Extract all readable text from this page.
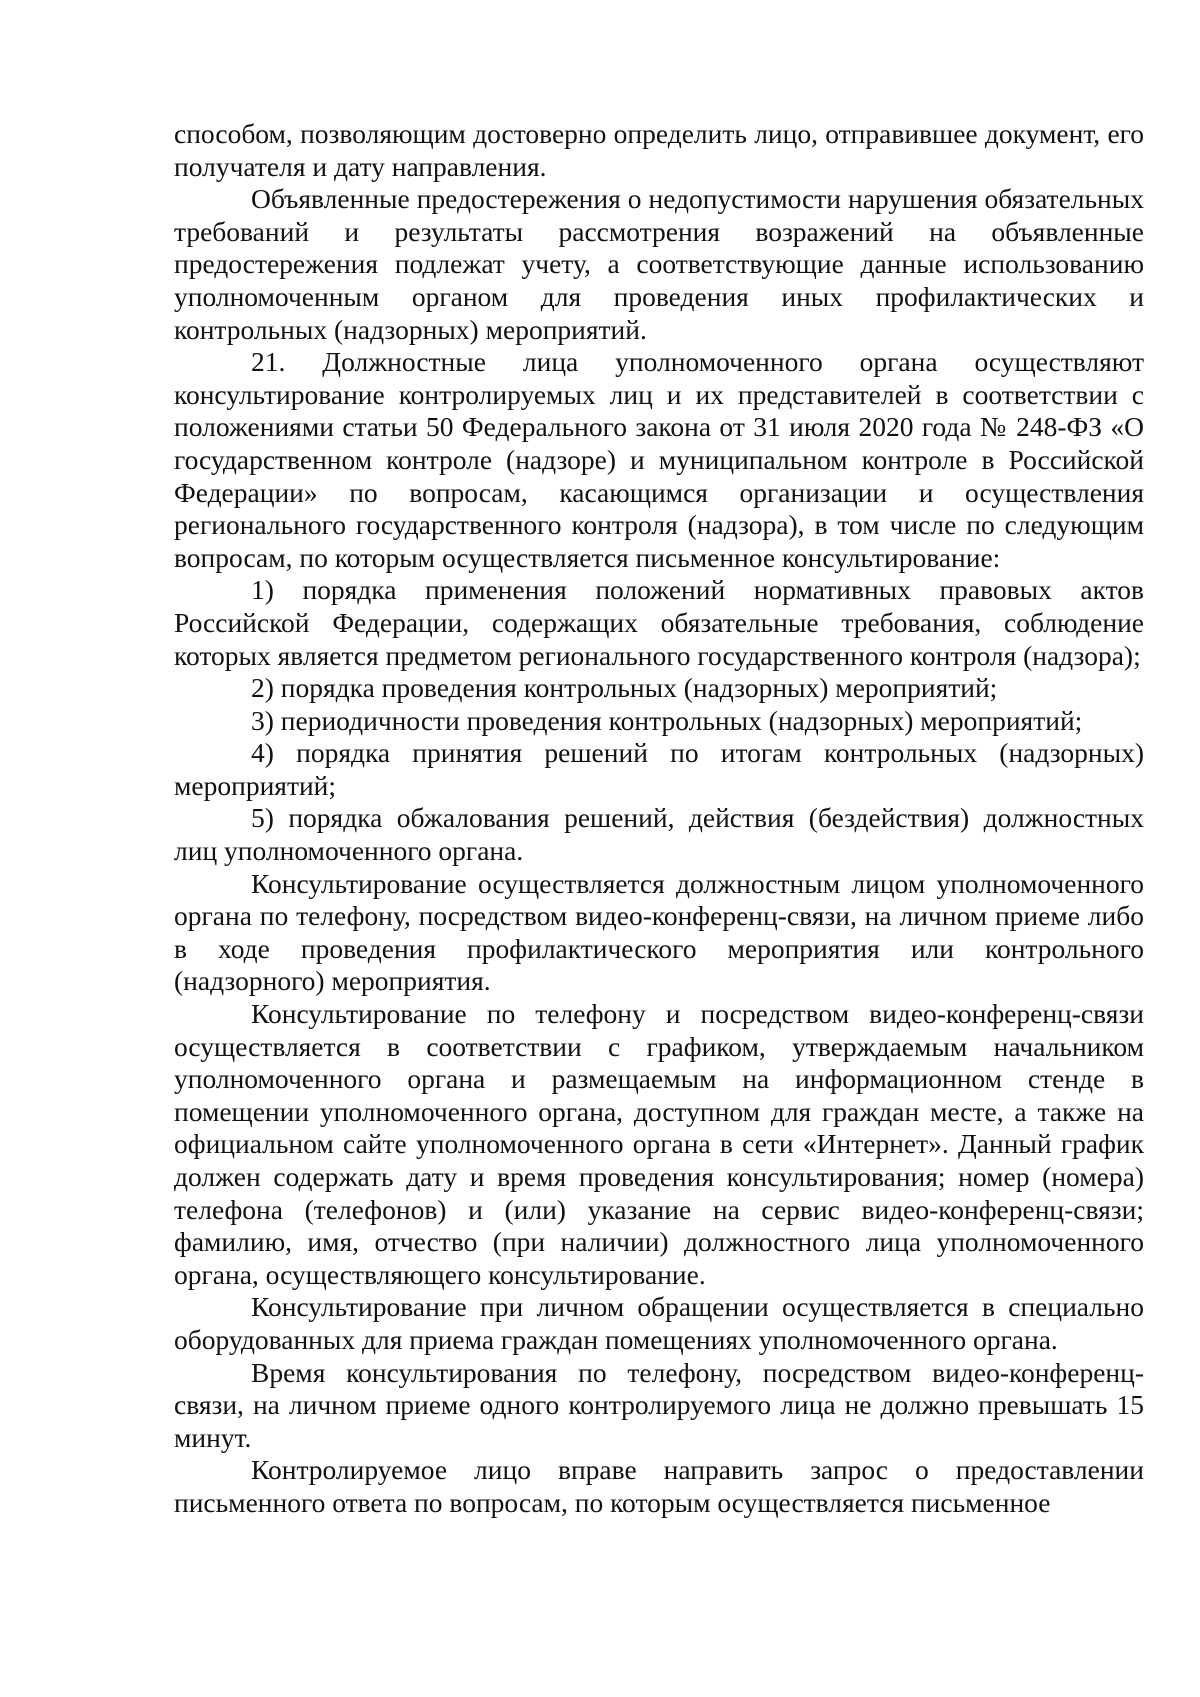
способом, позволяющим достоверно определить лицо, отправившее документ, его получателя и дату направления.

Объявленные предостережения о недопустимости нарушения обязательных требований и результаты рассмотрения возражений на объявленные предостережения подлежат учету, а соответствующие данные использованию уполномоченным органом для проведения иных профилактических и контрольных (надзорных) мероприятий.

21. Должностные лица уполномоченного органа осуществляют консультирование контролируемых лиц и их представителей в соответствии с положениями статьи 50 Федерального закона от 31 июля 2020 года № 248-ФЗ «О государственном контроле (надзоре) и муниципальном контроле в Российской Федерации» по вопросам, касающимся организации и осуществления регионального государственного контроля (надзора), в том числе по следующим вопросам, по которым осуществляется письменное консультирование:

1) порядка применения положений нормативных правовых актов Российской Федерации, содержащих обязательные требования, соблюдение которых является предметом регионального государственного контроля (надзора);

2) порядка проведения контрольных (надзорных) мероприятий;

3) периодичности проведения контрольных (надзорных) мероприятий;

4) порядка принятия решений по итогам контрольных (надзорных) мероприятий;

5) порядка обжалования решений, действия (бездействия) должностных лиц уполномоченного органа.

Консультирование осуществляется должностным лицом уполномоченного органа по телефону, посредством видео-конференц-связи, на личном приеме либо в ходе проведения профилактического мероприятия или контрольного (надзорного) мероприятия.

Консультирование по телефону и посредством видео-конференц-связи осуществляется в соответствии с графиком, утверждаемым начальником уполномоченного органа и размещаемым на информационном стенде в помещении уполномоченного органа, доступном для граждан месте, а также на официальном сайте уполномоченного органа в сети «Интернет». Данный график должен содержать дату и время проведения консультирования; номер (номера) телефона (телефонов) и (или) указание на сервис видео-конференц-связи; фамилию, имя, отчество (при наличии) должностного лица уполномоченного органа, осуществляющего консультирование.

Консультирование при личном обращении осуществляется в специально оборудованных для приема граждан помещениях уполномоченного органа.

Время консультирования по телефону, посредством видео-конференц-связи, на личном приеме одного контролируемого лица не должно превышать 15 минут.

Контролируемое лицо вправе направить запрос о предоставлении письменного ответа по вопросам, по которым осуществляется письменное
